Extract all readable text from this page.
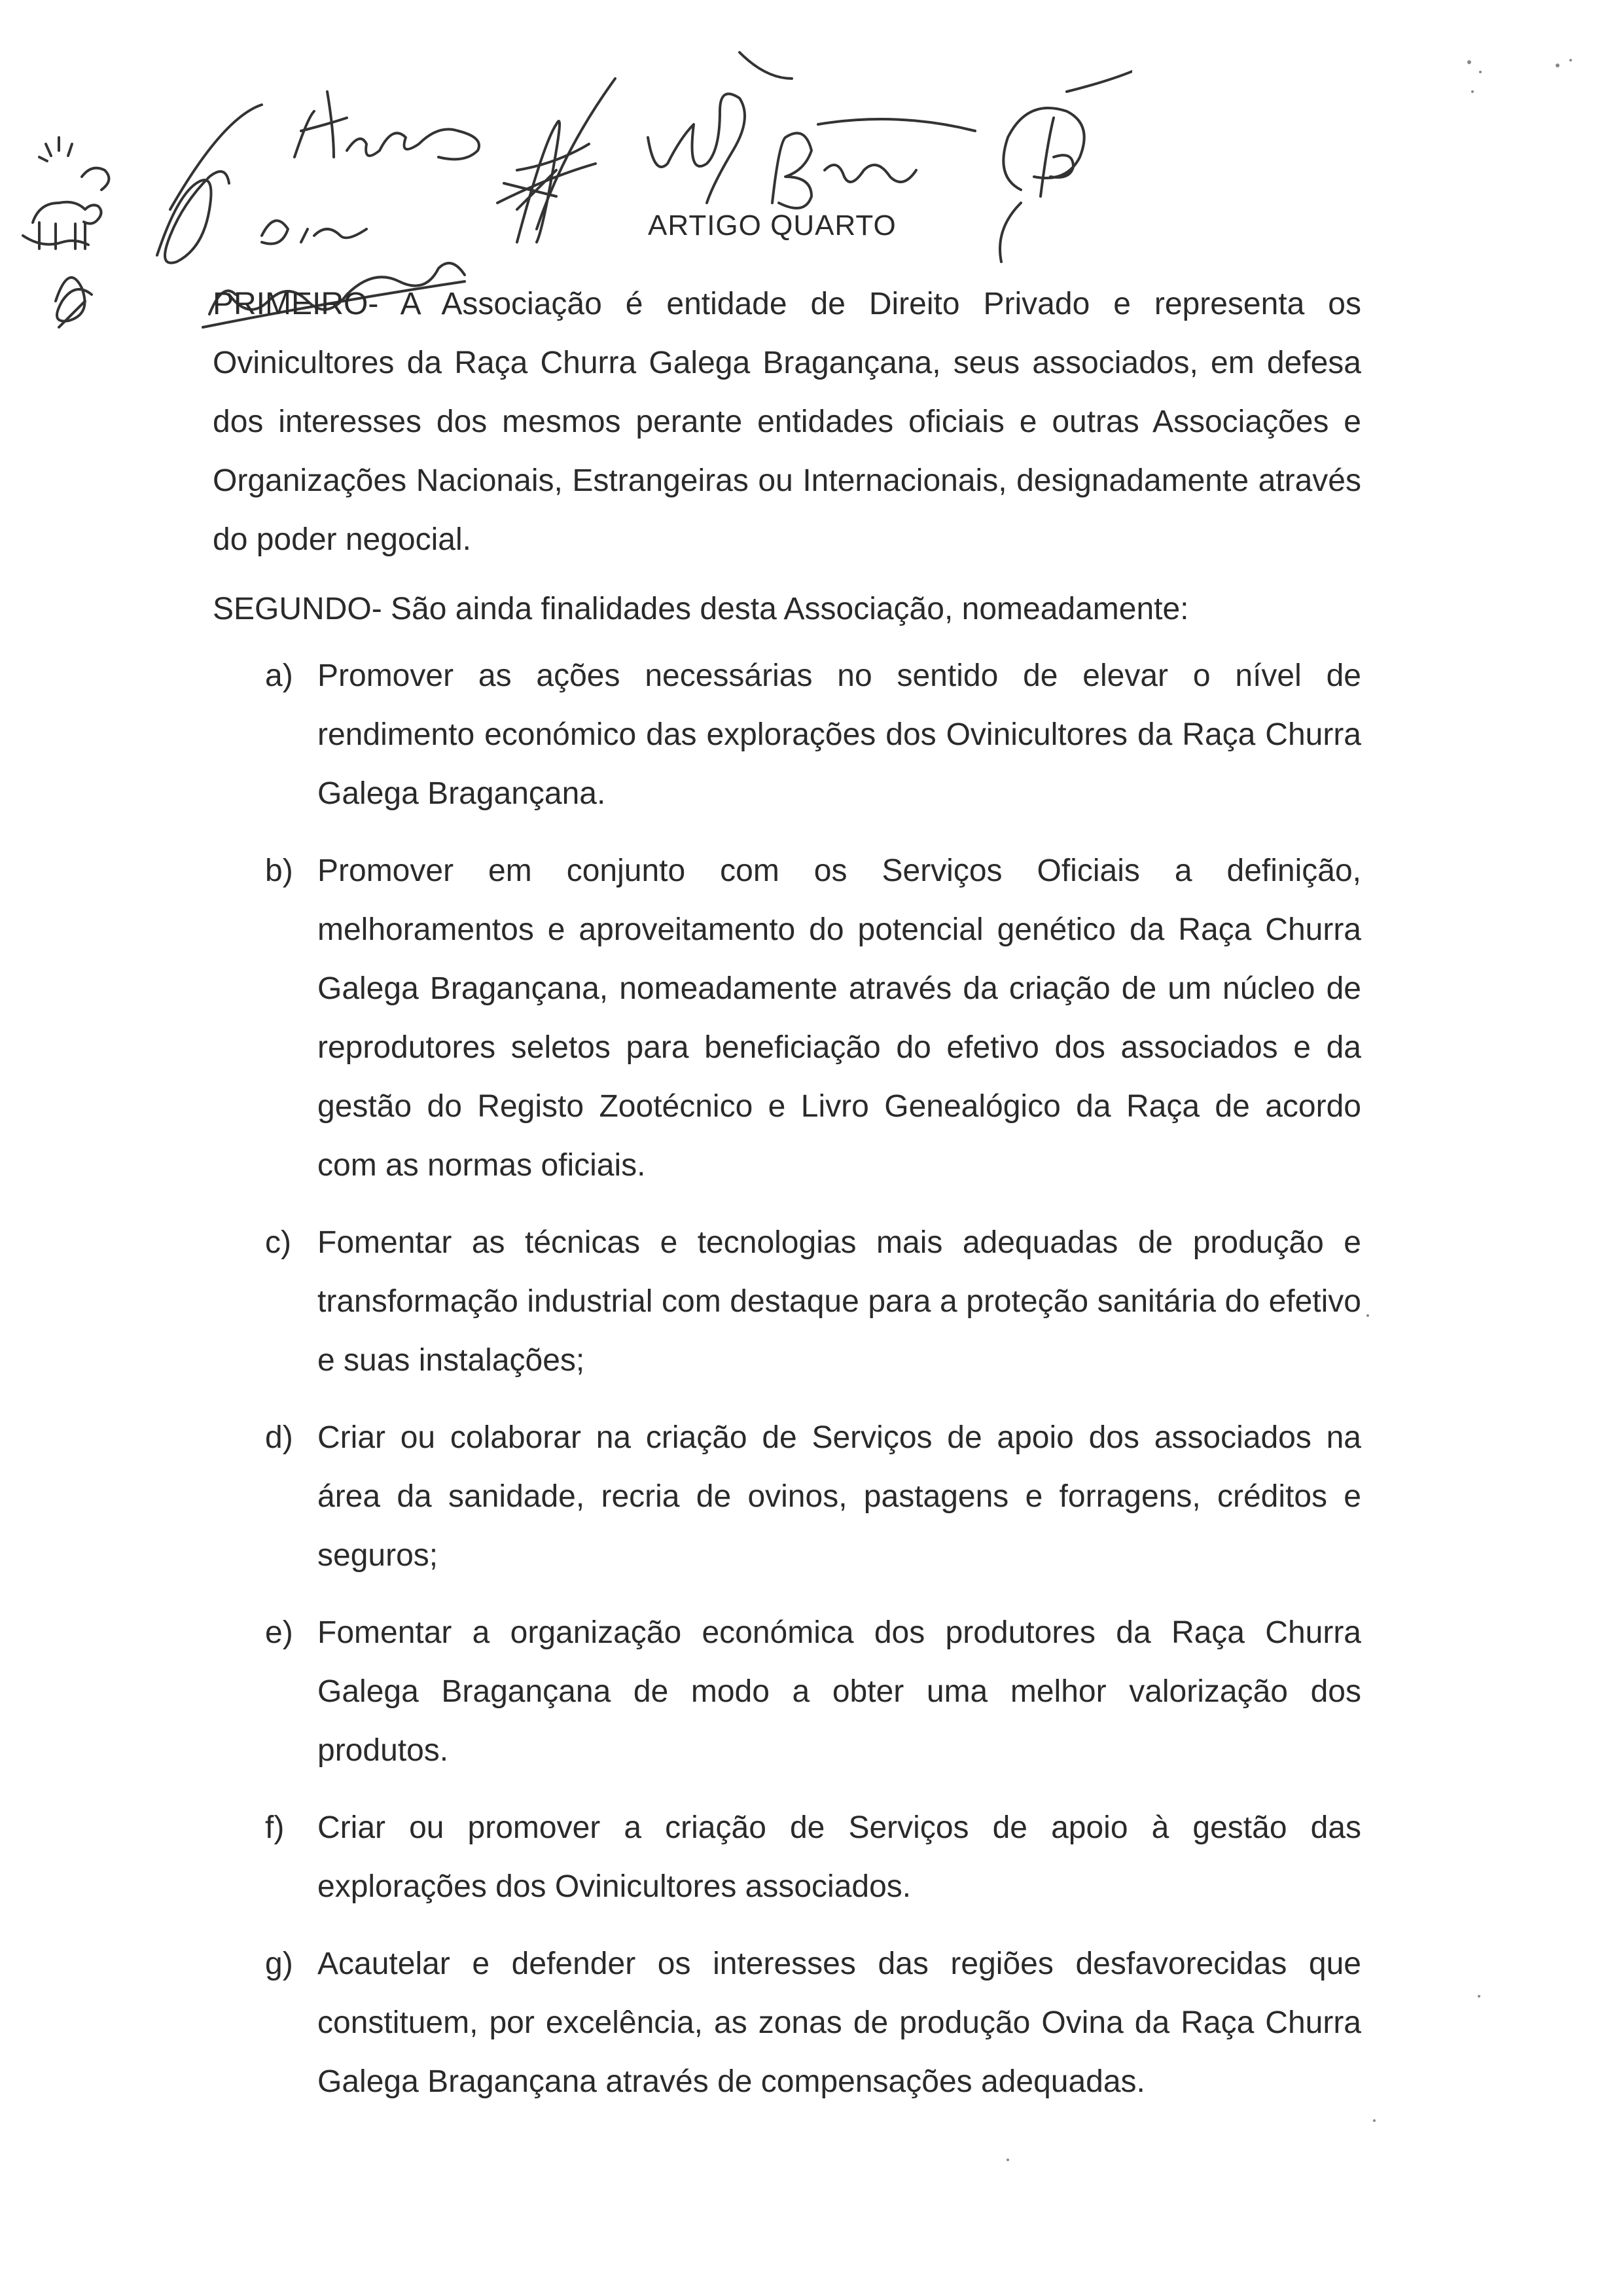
ARTIGO QUARTO

PRIMEIRO- A Associação é entidade de Direito Privado e representa os Ovinicultores da Raça Churra Galega Bragançana, seus associados, em defesa dos interesses dos mesmos perante entidades oficiais e outras Associações e Organizações Nacionais, Estrangeiras ou Internacionais, designadamente através do poder negocial.

SEGUNDO- São ainda finalidades desta Associação, nomeadamente:

a) Promover as ações necessárias no sentido de elevar o nível de rendimento económico das explorações dos Ovinicultores da Raça Churra Galega Bragançana.
b) Promover em conjunto com os Serviços Oficiais a definição, melhoramentos e aproveitamento do potencial genético da Raça Churra Galega Bragançana, nomeadamente através da criação de um núcleo de reprodutores seletos para beneficiação do efetivo dos associados e da gestão do Registo Zootécnico e Livro Genealógico da Raça de acordo com as normas oficiais.
c) Fomentar as técnicas e tecnologias mais adequadas de produção e transformação industrial com destaque para a proteção sanitária do efetivo e suas instalações;
d) Criar ou colaborar na criação de Serviços de apoio dos associados na área da sanidade, recria de ovinos, pastagens e forragens, créditos e seguros;
e) Fomentar a organização económica dos produtores da Raça Churra Galega Bragançana de modo a obter uma melhor valorização dos produtos.
f)	Criar ou promover a criação de Serviços de apoio à gestão das explorações dos Ovinicultores associados.
g) Acautelar e defender os interesses das regiões desfavorecidas que constituem, por excelência, as zonas de produção Ovina da Raça Churra Galega Bragançana através de compensações adequadas.
